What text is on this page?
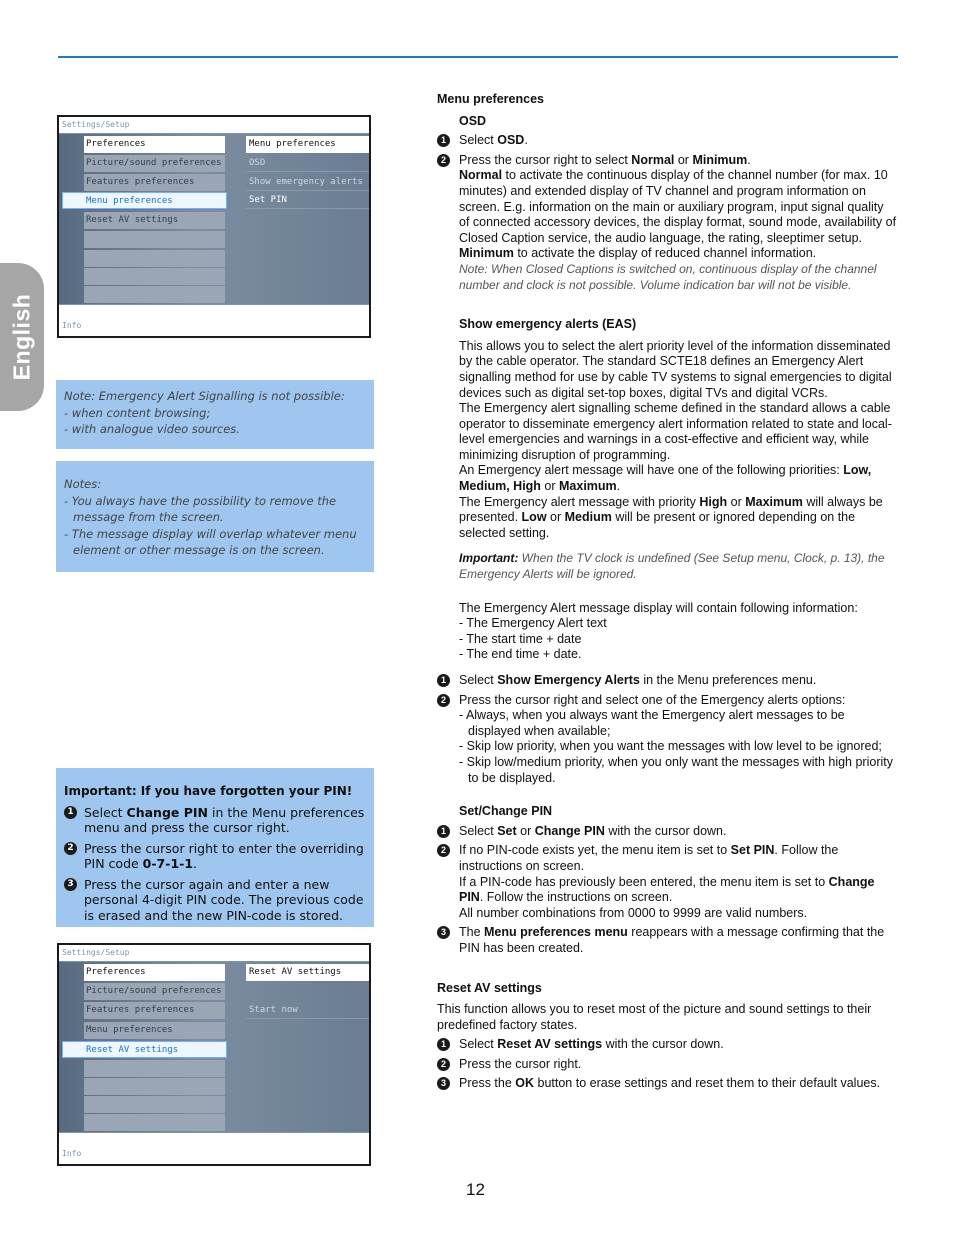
English
Settings/Setup
Preferences
Picture/sound preferences
Features preferences
Menu preferences
Reset AV settings
Menu preferences
OSD
Show emergency alerts
Set PIN
Info
Note: Emergency Alert Signalling is not possible:
- when content browsing;
- with analogue video sources.
Notes:
- You always have the possibility to remove the message from the screen.
- The message display will overlap whatever menu element or other message is on the screen.
Important: If you have forgotten your PIN!
1 Select Change PIN in the Menu preferences menu and press the cursor right.
2 Press the cursor right to enter the overriding PIN code 0-7-1-1.
3 Press the cursor again and enter a new personal 4-digit PIN code. The previous code is erased and the new PIN-code is stored.
Settings/Setup
Preferences
Picture/sound preferences
Features preferences
Menu preferences
Reset AV settings
Reset AV settings
Start now
Info
Menu preferences
OSD
1	Select OSD.
2	Press the cursor right to select Normal or Minimum.
Normal to activate the continuous display of the channel number (for max. 10 minutes) and extended display of TV channel and program information on screen. E.g. information on the main or auxiliary program, input signal quality of connected accessory devices, the display format, sound mode, availability of Closed Caption service, the audio language, the rating, sleeptimer setup.
Minimum to activate the display of reduced channel information.
Note: When Closed Captions is switched on, continuous display of the channel number and clock is not possible. Volume indication bar will not be visible.
Show emergency alerts (EAS)
This allows you to select the alert priority level of the information disseminated by the cable operator. The standard SCTE18 defines an Emergency Alert signalling method for use by cable TV systems to signal emergencies to digital devices such as digital set-top boxes, digital TVs and digital VCRs.
The Emergency alert signalling scheme defined in the standard allows a cable operator to disseminate emergency alert information related to state and local-level emergencies and warnings in a cost-effective and efficient way, while minimizing disruption of programming.
An Emergency alert message will have one of the following priorities: Low, Medium, High or Maximum.
The Emergency alert message with priority High or Maximum will always be presented. Low or Medium will be present or ignored depending on the selected setting.
Important: When the TV clock is undefined (See Setup menu, Clock, p. 13), the Emergency Alerts will be ignored.
The Emergency Alert message display will contain following information:
- The Emergency Alert text
- The start time + date
- The end time + date.
1	Select Show Emergency Alerts in the Menu preferences menu.
2	Press the cursor right and select one of the Emergency alerts options:
- Always, when you always want the Emergency alert messages to be displayed when available;
- Skip low priority, when you want the messages with low level to be ignored;
- Skip low/medium priority, when you only want the messages with high priority to be displayed.
Set/Change PIN
1	Select Set or Change PIN with the cursor down.
2	If no PIN-code exists yet, the menu item is set to Set PIN. Follow the instructions on screen.
If a PIN-code has previously been entered, the menu item is set to Change PIN. Follow the instructions on screen.
All number combinations from 0000 to 9999 are valid numbers.
3	The Menu preferences menu reappears with a message confirming that the PIN has been created.
Reset AV settings
This function allows you to reset most of the picture and sound settings to their predefined factory states.
1	Select Reset AV settings with the cursor down.
2	Press the cursor right.
3	Press the OK button to erase settings and reset them to their default values.
12
